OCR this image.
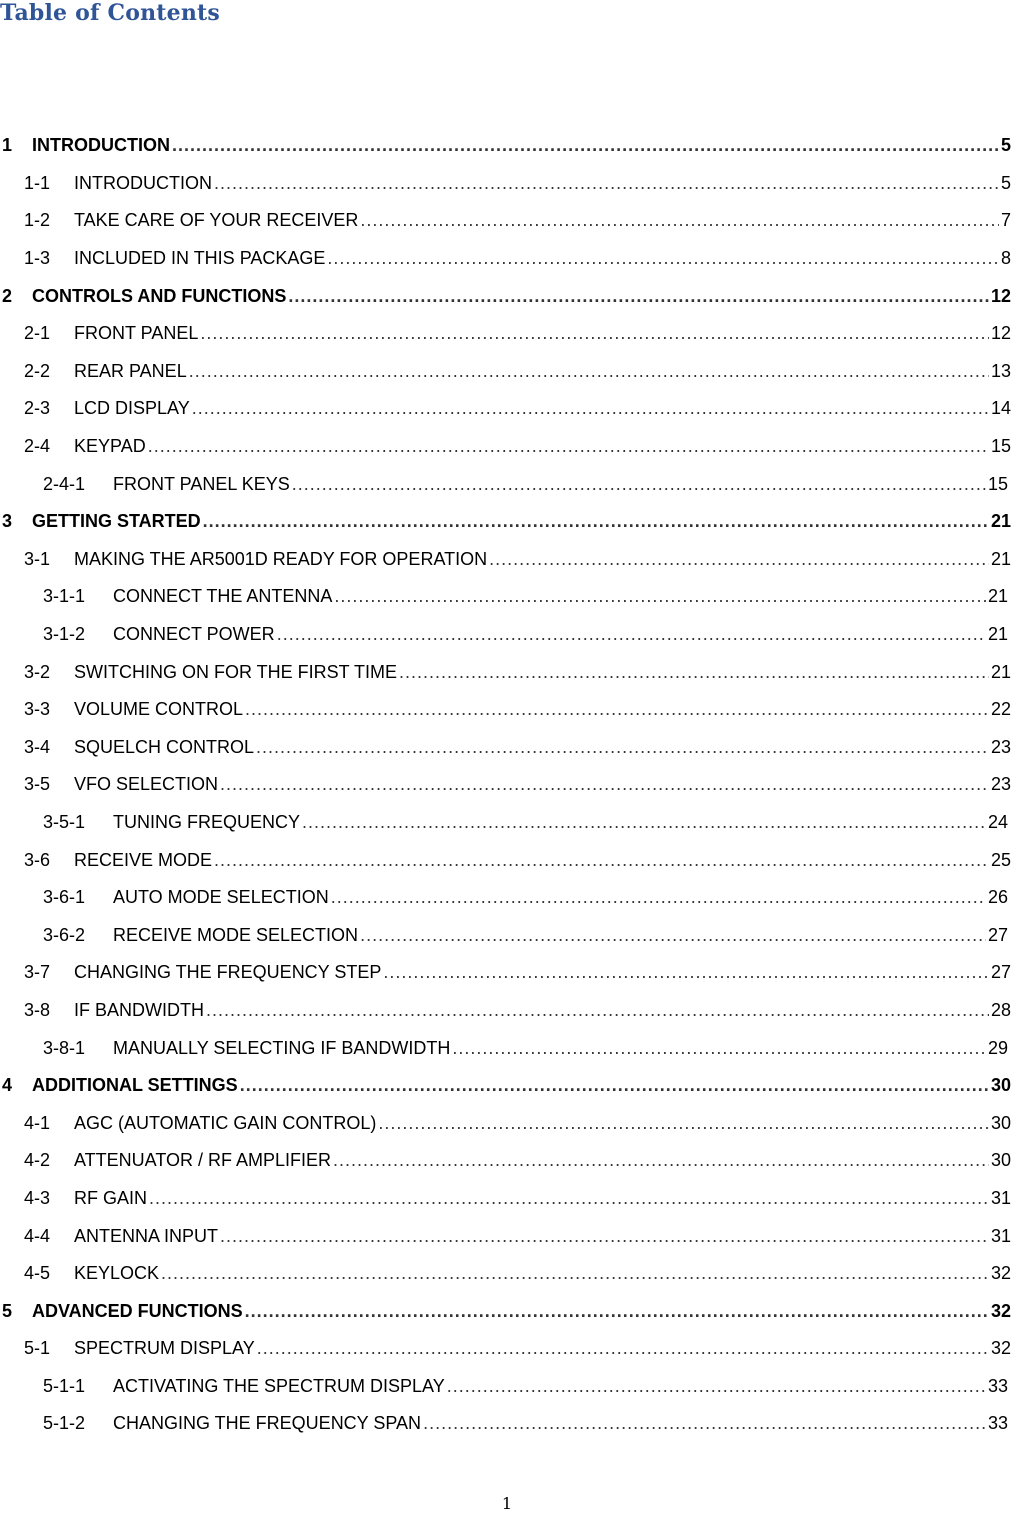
Table of Contents
1 INTRODUCTION .....	5
1-1 INTRODUCTION .....	5
1-2 TAKE CARE OF YOUR RECEIVER .....	7
1-3 INCLUDED IN THIS PACKAGE .....	8
2 CONTROLS AND FUNCTIONS .....	12
2-1 FRONT PANEL .....	12
2-2 REAR PANEL .....	13
2-3 LCD DISPLAY .....	14
2-4 KEYPAD .....	15
2-4-1 FRONT PANEL KEYS .....	15
3 GETTING STARTED .....	21
3-1 MAKING THE AR5001D READY FOR OPERATION .....	21
3-1-1 CONNECT THE ANTENNA .....	21
3-1-2 CONNECT POWER .....	21
3-2 SWITCHING ON FOR THE FIRST TIME .....	21
3-3 VOLUME CONTROL .....	22
3-4 SQUELCH CONTROL .....	23
3-5 VFO SELECTION .....	23
3-5-1 TUNING FREQUENCY .....	24
3-6 RECEIVE MODE .....	25
3-6-1 AUTO MODE SELECTION .....	26
3-6-2 RECEIVE MODE SELECTION .....	27
3-7 CHANGING THE FREQUENCY STEP .....	27
3-8 IF BANDWIDTH .....	28
3-8-1 MANUALLY SELECTING IF BANDWIDTH .....	29
4 ADDITIONAL SETTINGS .....	30
4-1 AGC (AUTOMATIC GAIN CONTROL) .....	30
4-2 ATTENUATOR / RF AMPLIFIER .....	30
4-3 RF GAIN .....	31
4-4 ANTENNA INPUT .....	31
4-5 KEYLOCK .....	32
5 ADVANCED FUNCTIONS .....	32
5-1 SPECTRUM DISPLAY .....	32
5-1-1 ACTIVATING THE SPECTRUM DISPLAY .....	33
5-1-2 CHANGING THE FREQUENCY SPAN .....	33
1
